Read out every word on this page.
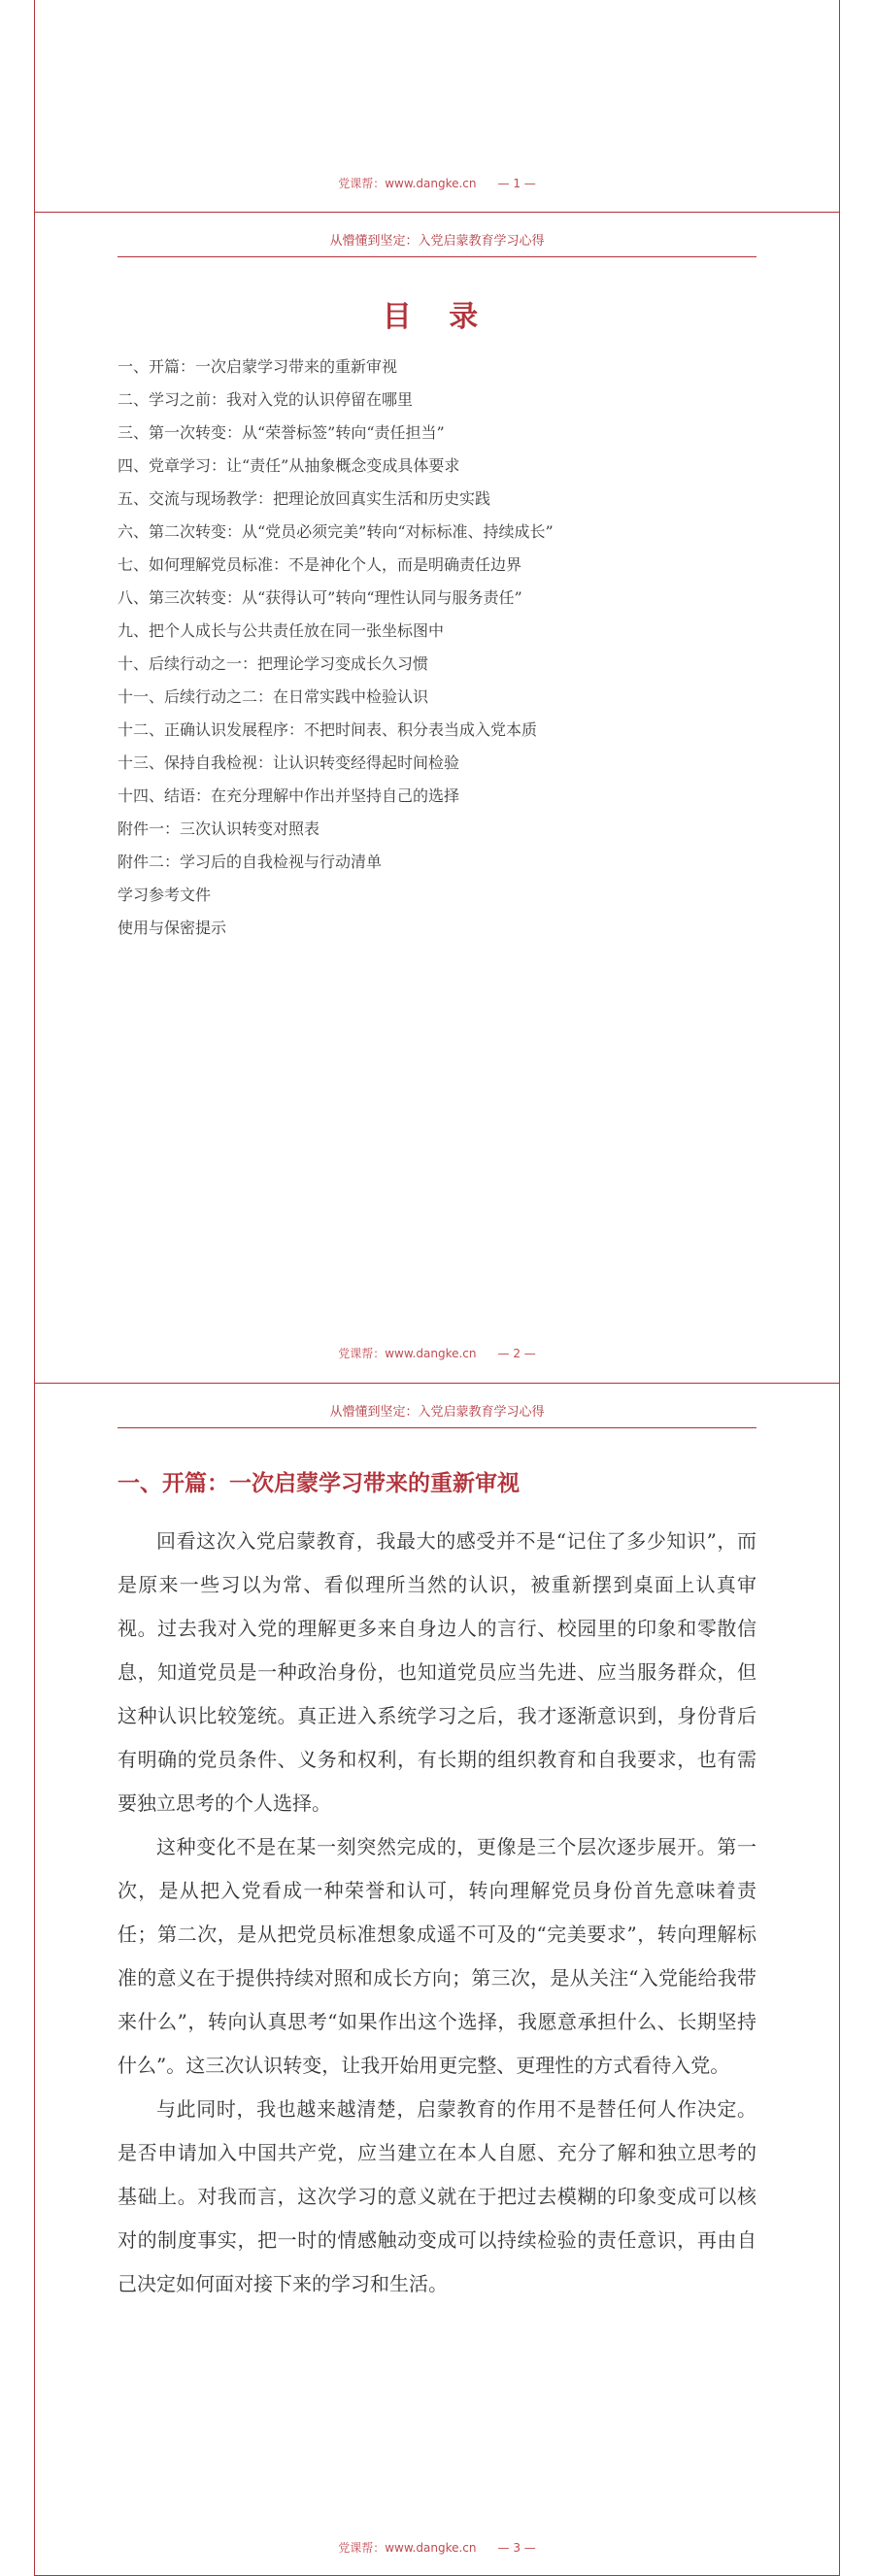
党课帮：www.dangke.cn — 1 —
从懵懂到坚定：入党启蒙教育学习心得
目 录
一、开篇：一次启蒙学习带来的重新审视
二、学习之前：我对入党的认识停留在哪里
三、第一次转变：从“荣誉标签”转向“责任担当”
四、党章学习：让“责任”从抽象概念变成具体要求
五、交流与现场教学：把理论放回真实生活和历史实践
六、第二次转变：从“党员必须完美”转向“对标标准、持续成长”
七、如何理解党员标准：不是神化个人，而是明确责任边界
八、第三次转变：从“获得认可”转向“理性认同与服务责任”
九、把个人成长与公共责任放在同一张坐标图中
十、后续行动之一：把理论学习变成长久习惯
十一、后续行动之二：在日常实践中检验认识
十二、正确认识发展程序：不把时间表、积分表当成入党本质
十三、保持自我检视：让认识转变经得起时间检验
十四、结语：在充分理解中作出并坚持自己的选择
附件一：三次认识转变对照表
附件二：学习后的自我检视与行动清单
学习参考文件
使用与保密提示
党课帮：www.dangke.cn — 2 —
从懵懂到坚定：入党启蒙教育学习心得
一、开篇：一次启蒙学习带来的重新审视

回看这次入党启蒙教育，我最大的感受并不是“记住了多少知识”，而是原来一些习以为常、看似理所当然的认识，被重新摆到桌面上认真审视。过去我对入党的理解更多来自身边人的言行、校园里的印象和零散信息，知道党员是一种政治身份，也知道党员应当先进、应当服务群众，但这种认识比较笼统。真正进入系统学习之后，我才逐渐意识到，身份背后有明确的党员条件、义务和权利，有长期的组织教育和自我要求，也有需要独立思考的个人选择。

这种变化不是在某一刻突然完成的，更像是三个层次逐步展开。第一次，是从把入党看成一种荣誉和认可，转向理解党员身份首先意味着责任；第二次，是从把党员标准想象成遥不可及的“完美要求”，转向理解标准的意义在于提供持续对照和成长方向；第三次，是从关注“入党能给我带来什么”，转向认真思考“如果作出这个选择，我愿意承担什么、长期坚持什么”。这三次认识转变，让我开始用更完整、更理性的方式看待入党。

与此同时，我也越来越清楚，启蒙教育的作用不是替任何人作决定。是否申请加入中国共产党，应当建立在本人自愿、充分了解和独立思考的基础上。对我而言，这次学习的意义就在于把过去模糊的印象变成可以核对的制度事实，把一时的情感触动变成可以持续检验的责任意识，再由自己决定如何面对接下来的学习和生活。

党课帮：www.dangke.cn — 3 —
